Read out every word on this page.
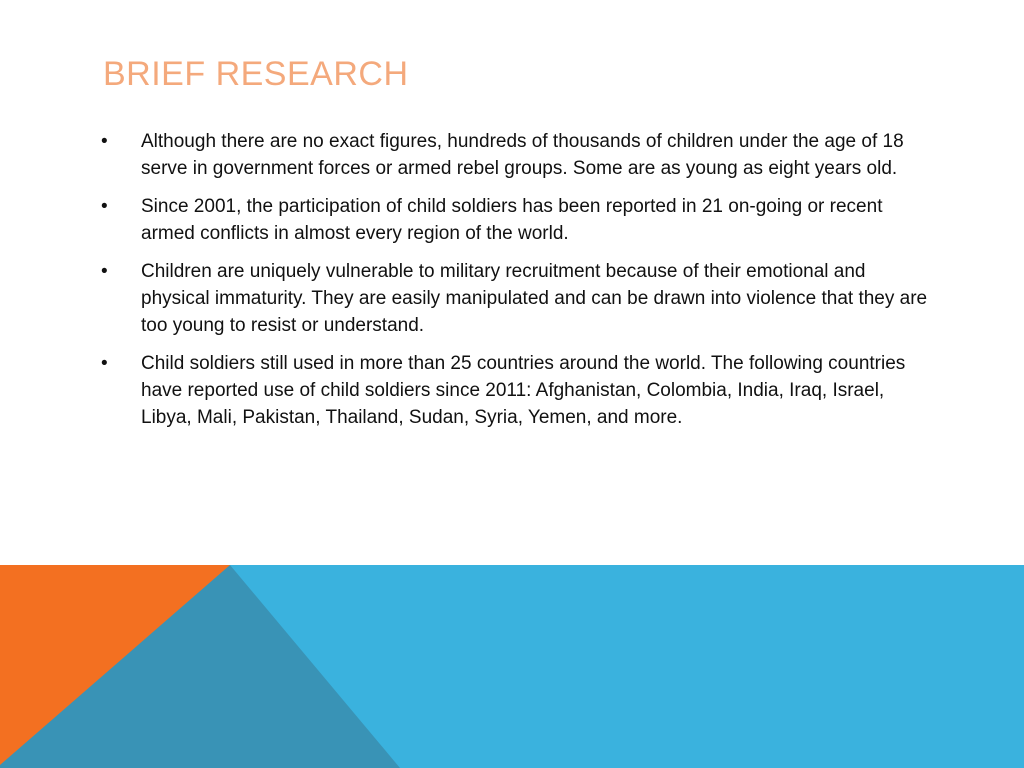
BRIEF RESEARCH
•	Although there are no exact figures, hundreds of thousands of children under the age of 18 serve in government forces or armed rebel groups. Some are as young as eight years old.
•	Since 2001, the participation of child soldiers has been reported in 21 on-going or recent armed conflicts in almost every region of the world.
•	Children are uniquely vulnerable to military recruitment because of their emotional and physical immaturity. They are easily manipulated and can be drawn into violence that they are too young to resist or understand.
•	Child soldiers still used in more than 25 countries around the world. The following countries have reported use of child soldiers since 2011: Afghanistan, Colombia, India, Iraq, Israel, Libya, Mali, Pakistan, Thailand, Sudan, Syria, Yemen, and more.
